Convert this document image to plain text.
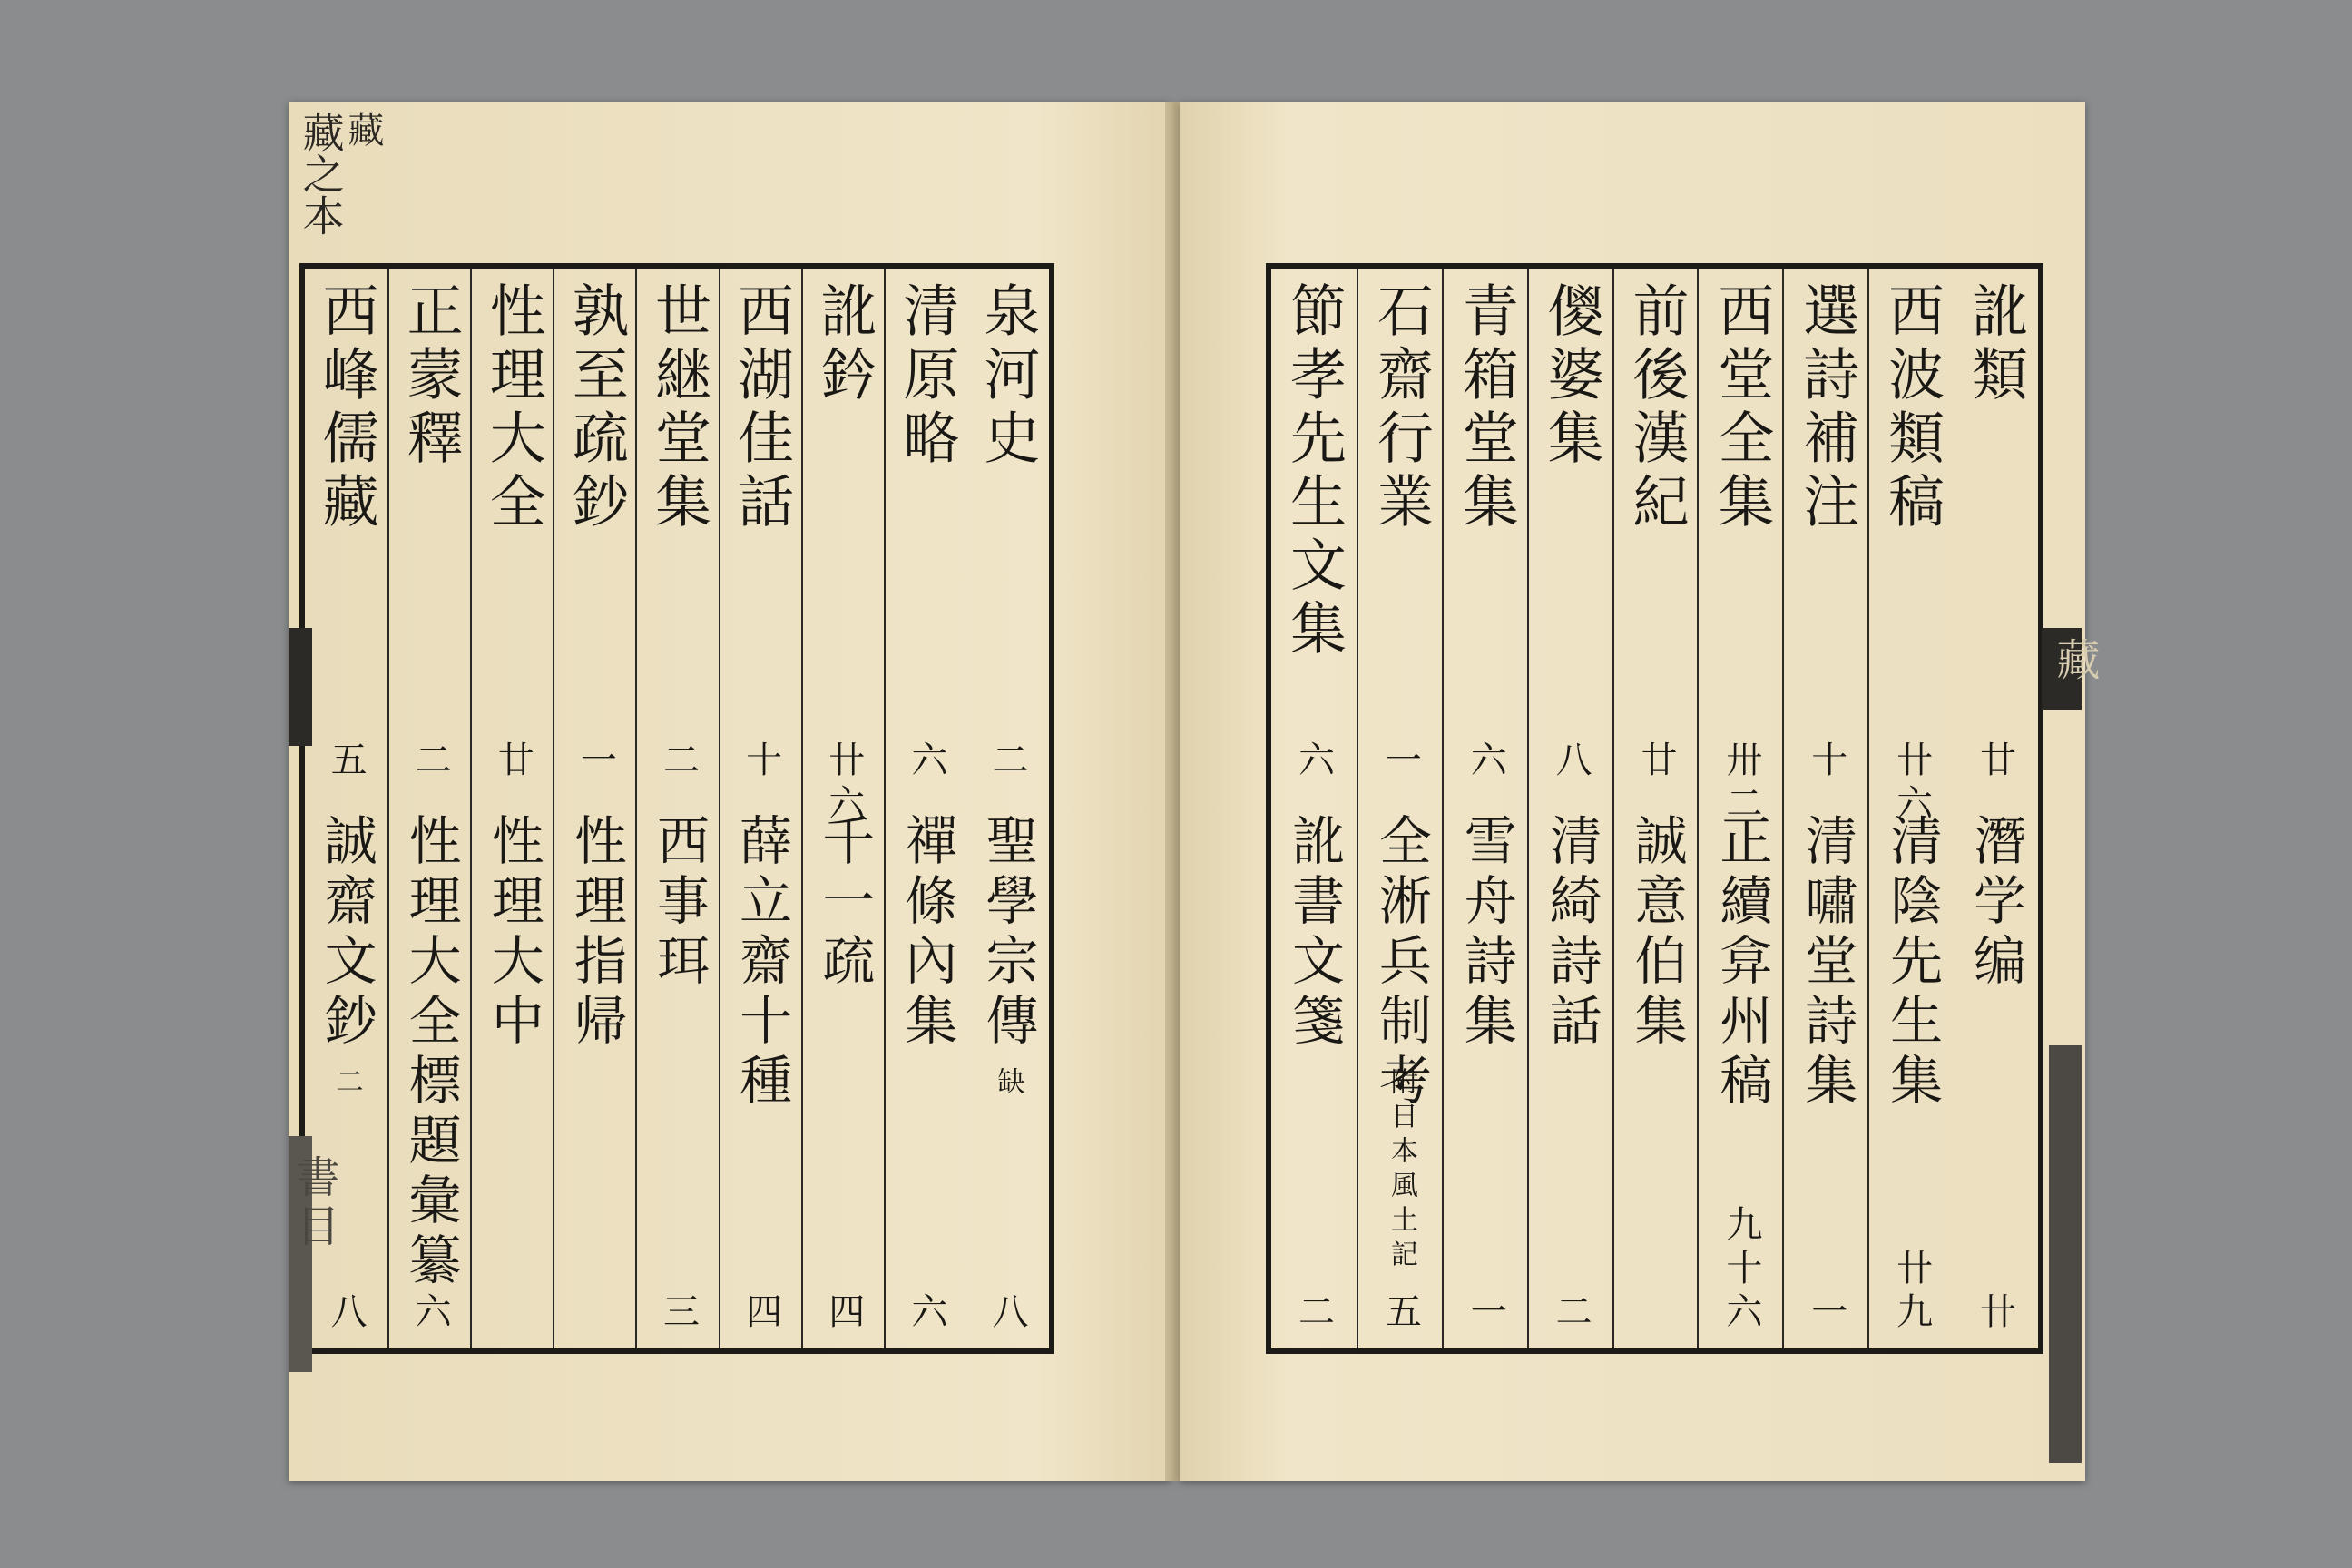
藏之本
藏
泉河史
二
聖學宗傳
八
缺
清原略
六
禪條內集
六
訛鈐
卄六
千一疏
四
西湖佳話
十
薛立齋十種
四
世継堂集
二
西事珥
三
孰至疏鈔
一
性理指帰
性理大全
廿
性理大中
正蒙釋
二
性理大全標題彙纂
六
西峰儒藏
五
誠齋文鈔
八
二
書目
訛類
廿
潛学编
卄
西波類稿
卄六
清陰先生集
卄九
選詩補注
十
清嘯堂詩集
一
西堂全集
卅二
正續弇州稿
九十六
前後漢紀
廿
誠意伯集
儍婆集
八
清綺詩話
二
青箱堂集
六
雪舟詩集
一
石齋行業
一
全淅兵制考
五
附日本風土記
節孝先生文集
六
訛書文箋
二
藏
